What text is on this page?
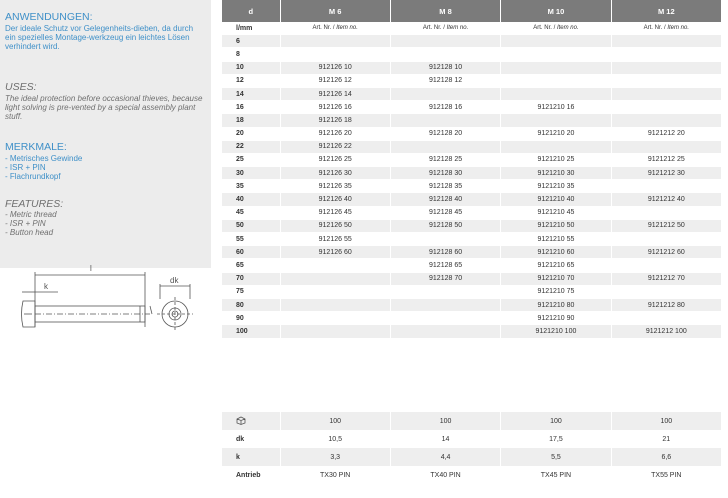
ANWENDUNGEN:
Der ideale Schutz vor Gelegenheits-dieben, da durch ein spezielles Montage-werkzeug ein leichtes Lösen verhindert wird.
USES:
The ideal protection before occasional thieves, because light solving is pre-vented by a special assembly plant stuff.
MERKMALE:
- Metrisches Gewinde
- ISR + PIN
- Flachrundkopf
FEATURES:
- Metric thread
- ISR + PIN
- Button head
l
k
dk
d	M 6	M 8	M 10	M 12
l/mm	Art. Nr. / Item no.	Art. Nr. / Item no.	Art. Nr. / Item no.	Art. Nr. / Item no.
6				
8				
10	912126 10	912128 10		
12	912126 12	912128 12		
14	912126 14			
16	912126 16	912128 16	9121210 16	
18	912126 18			
20	912126 20	912128 20	9121210 20	9121212 20
22	912126 22			
25	912126 25	912128 25	9121210 25	9121212 25
30	912126 30	912128 30	9121210 30	9121212 30
35	912126 35	912128 35	9121210 35	
40	912126 40	912128 40	9121210 40	9121212 40
45	912126 45	912128 45	9121210 45	
50	912126 50	912128 50	9121210 50	9121212 50
55	912126 55		9121210 55	
60	912126 60	912128 60	9121210 60	9121212 60
65		912128 65	9121210 65	
70		912128 70	9121210 70	9121212 70
75			9121210 75	
80			9121210 80	9121212 80
90			9121210 90	
100			9121210 100	9121212 100
	100	100	100	100
dk	10,5	14	17,5	21
k	3,3	4,4	5,5	6,6
Antrieb	TX30 PIN	TX40 PIN	TX45 PIN	TX55 PIN
